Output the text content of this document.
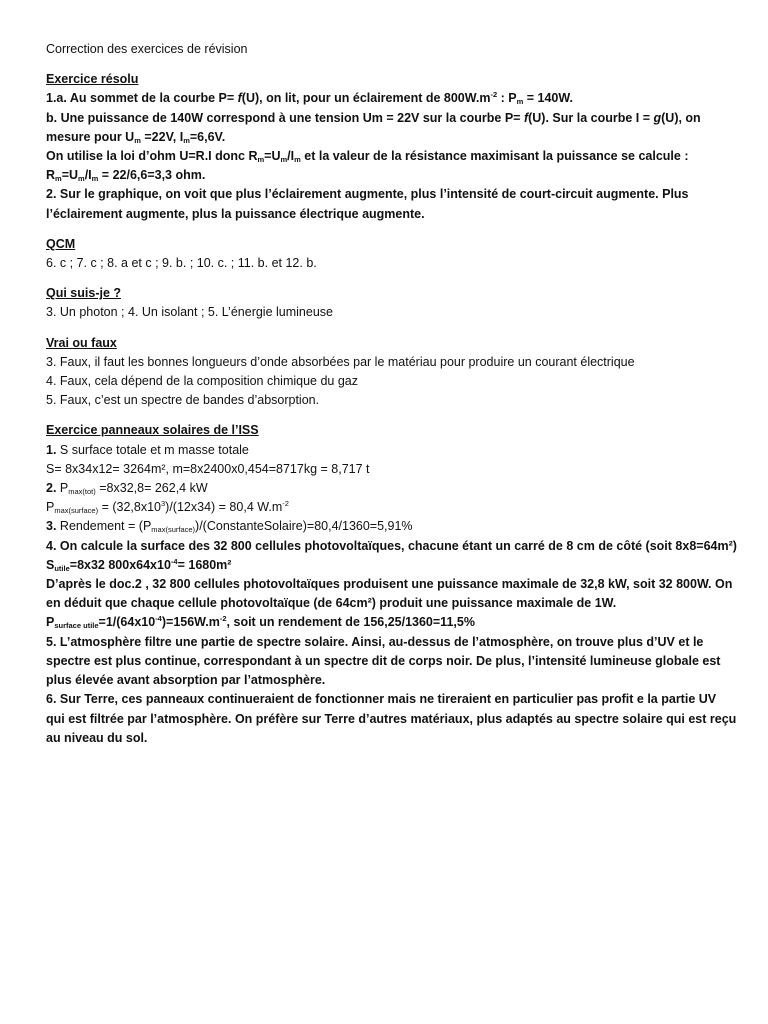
Correction des exercices de révision
Exercice résolu
1.a. Au sommet de la courbe P= f(U), on lit, pour un éclairement de $800W.m^{-2}$ : $P_m = 140W$.
b. Une puissance de 140W correspond à une tension Um = 22V sur la courbe P= f(U). Sur la courbe I = g(U), on
mesure pour $U_m =22V$, $I_m=6,6V$.
On utilise la loi d’ohm U=R.I donc $R_m=U_m/I_m$ et la valeur de la résistance maximisant la puissance se calcule :
$R_m=U_m/I_m = 22/6,6=3,3$ ohm.
2. Sur le graphique, on voit que plus l’éclairement augmente, plus l’intensité de court-circuit augmente. Plus
l’éclairement augmente, plus la puissance électrique augmente.
QCM
6. c ; 7. c ; 8. a et c ; 9. b. ; 10. c. ; 11. b. et 12. b.
Qui suis-je ?
3. Un photon ; 4. Un isolant ; 5. L’énergie lumineuse
Vrai ou faux
3. Faux, il faut les bonnes longueurs d’onde absorbées par le matériau pour produire un courant électrique
4. Faux, cela dépend de la composition chimique du gaz
5. Faux, c’est un spectre de bandes d’absorption.
Exercice panneaux solaires de l’ISS
1. S surface totale et m masse totale
S= 8x34x12= 3264m², m=8x2400x0,454=8717kg = 8,717 t
2. $P_{max(tot)} =8x32,8= 262,4$ kW
$P_{max(surface)} = (32,8x10^3)/(12x34) = 80,4$ $W.m^{-2}$
3. Rendement = $(P_{max(surface)})/(ConstanteSolaire)=80,4/1360=5,91\%$
4. On calcule la surface des 32 800 cellules photovoltaïques, chacune étant un carré de 8 cm de côté (soit 8x8=64m²)
$S_{utile}=8x32$ $800x64x10^{-4}= 1680m^2$
D’après le doc.2 , 32 800 cellules photovoltaïques produisent une puissance maximale de 32,8 kW, soit 32 800W. On
en déduit que chaque cellule photovoltaïque (de 64cm²) produit une puissance maximale de 1W.
$P_{surface utile}=1/(64x10^{-4})=156W.m^{-2}$, soit un rendement de 156,25/1360=11,5%
5. L’atmosphère filtre une partie de spectre solaire. Ainsi, au-dessus de l’atmosphère, on trouve plus d’UV et le
spectre est plus continue, correspondant à un spectre dit de corps noir. De plus, l’intensité lumineuse globale est
plus élevée avant absorption par l’atmosphère.
6. Sur Terre, ces panneaux continueraient de fonctionner mais ne tireraient en particulier pas profit e la partie UV
qui est filtrée par l’atmosphère. On préfère sur Terre d’autres matériaux, plus adaptés au spectre solaire qui est reçu
au niveau du sol.
